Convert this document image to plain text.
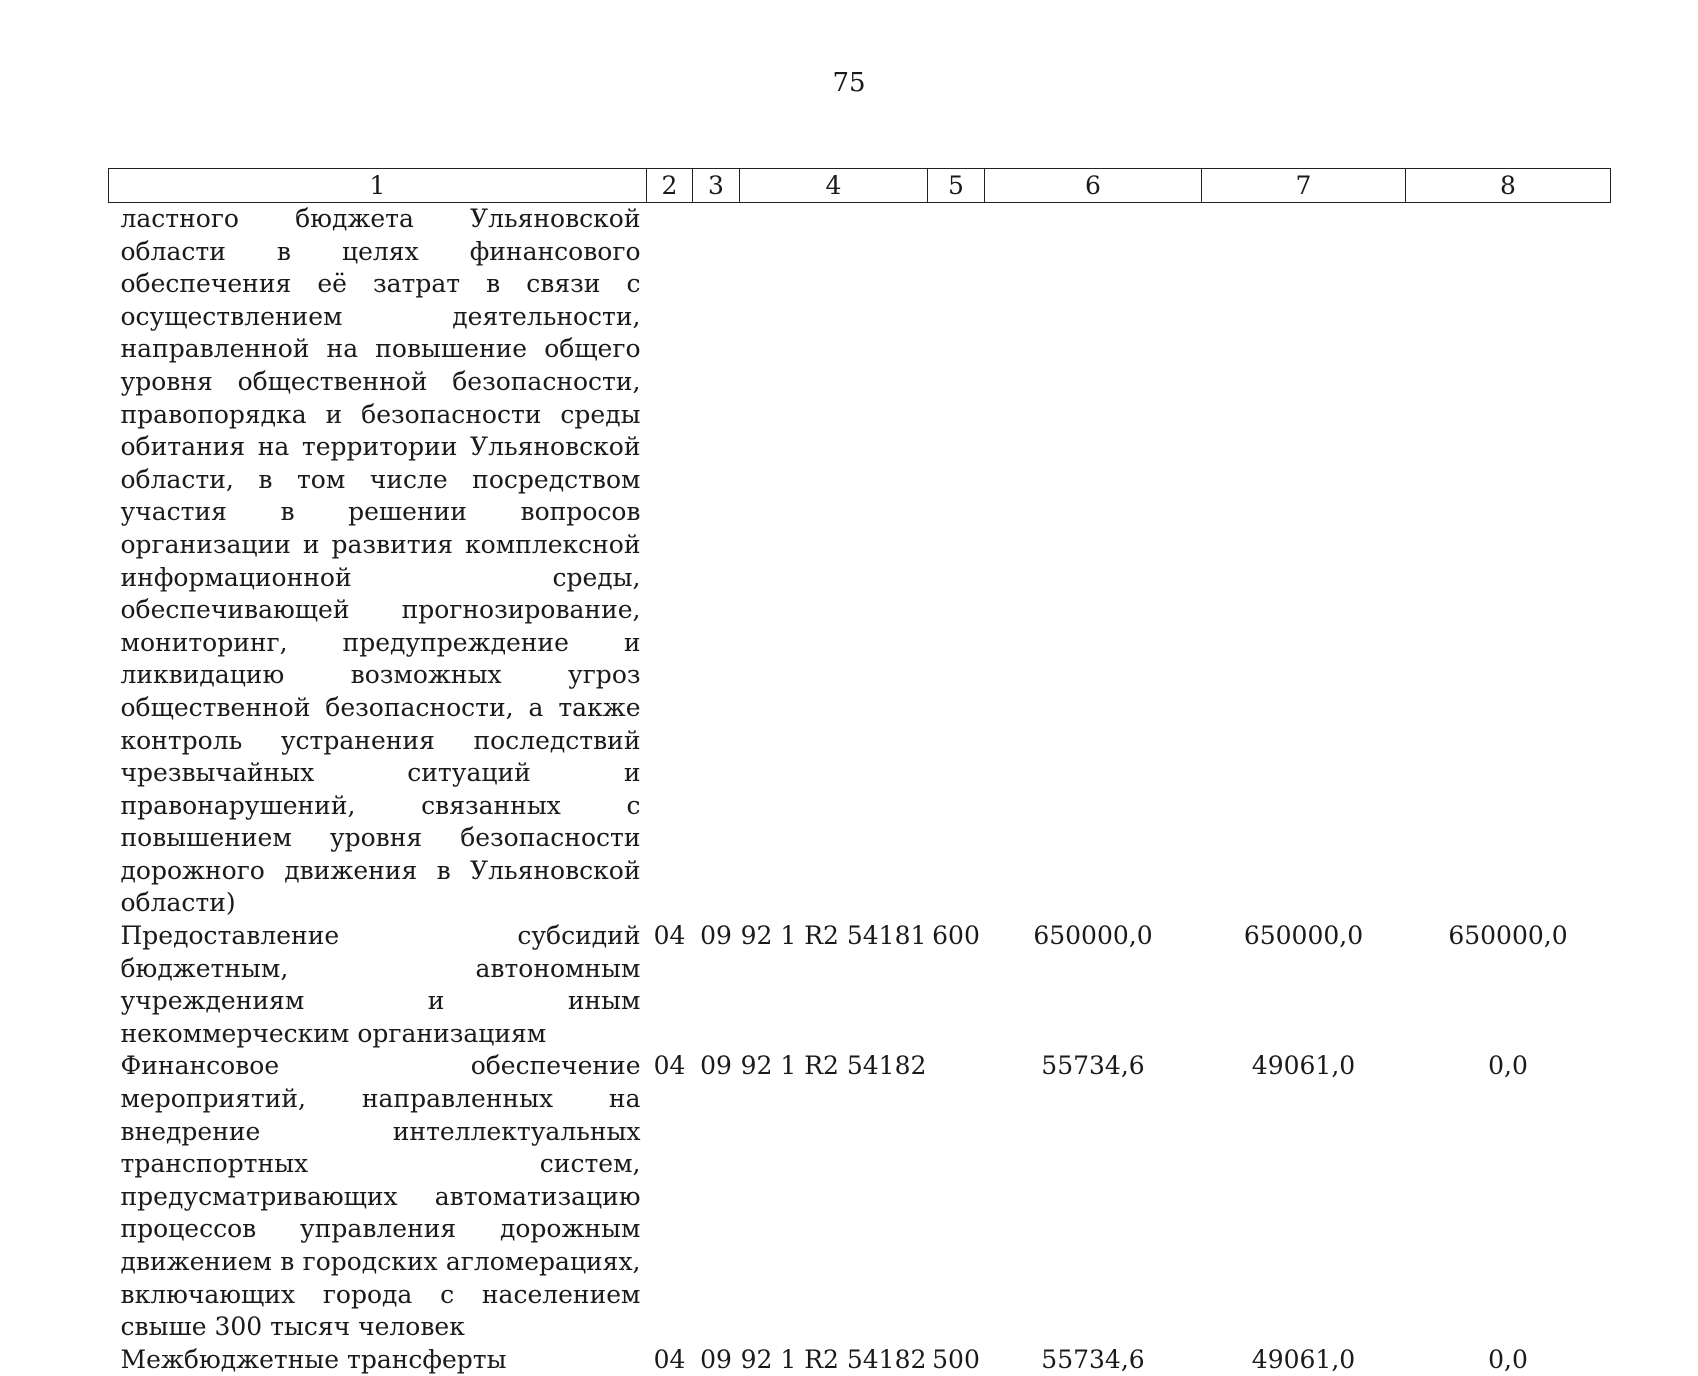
75
1	2	3	4	5	6	7	8
ластного бюджета Ульяновской области в целях финансового обеспечения её затрат в связи с осуществлением деятельности, направленной на повышение общего уровня общественной безопасности, правопорядка и безопасности среды обитания на территории Ульяновской области, в том числе посредством участия в решении вопросов организации и развития комплексной информационной среды, обеспечивающей прогнозирование, мониторинг, предупреждение и ликвидацию возможных угроз общественной безопасности, а также контроль устранения последствий чрезвычайных ситуаций и правонарушений, связанных с повышением уровня безопасности дорожного движения в Ульяновской области)							
Предоставление субсидий бюджетным, автономным учреждениям и иным некоммерческим организациям	04	09	92 1 R2 54181	600	650000,0	650000,0	650000,0
Финансовое обеспечение мероприятий, направленных на внедрение интеллектуальных транспортных систем, предусматривающих автоматизацию процессов управления дорожным движением в городских агломерациях, включающих города с населением свыше 300 тысяч человек	04	09	92 1 R2 54182		55734,6	49061,0	0,0
Межбюджетные трансферты	04	09	92 1 R2 54182	500	55734,6	49061,0	0,0
